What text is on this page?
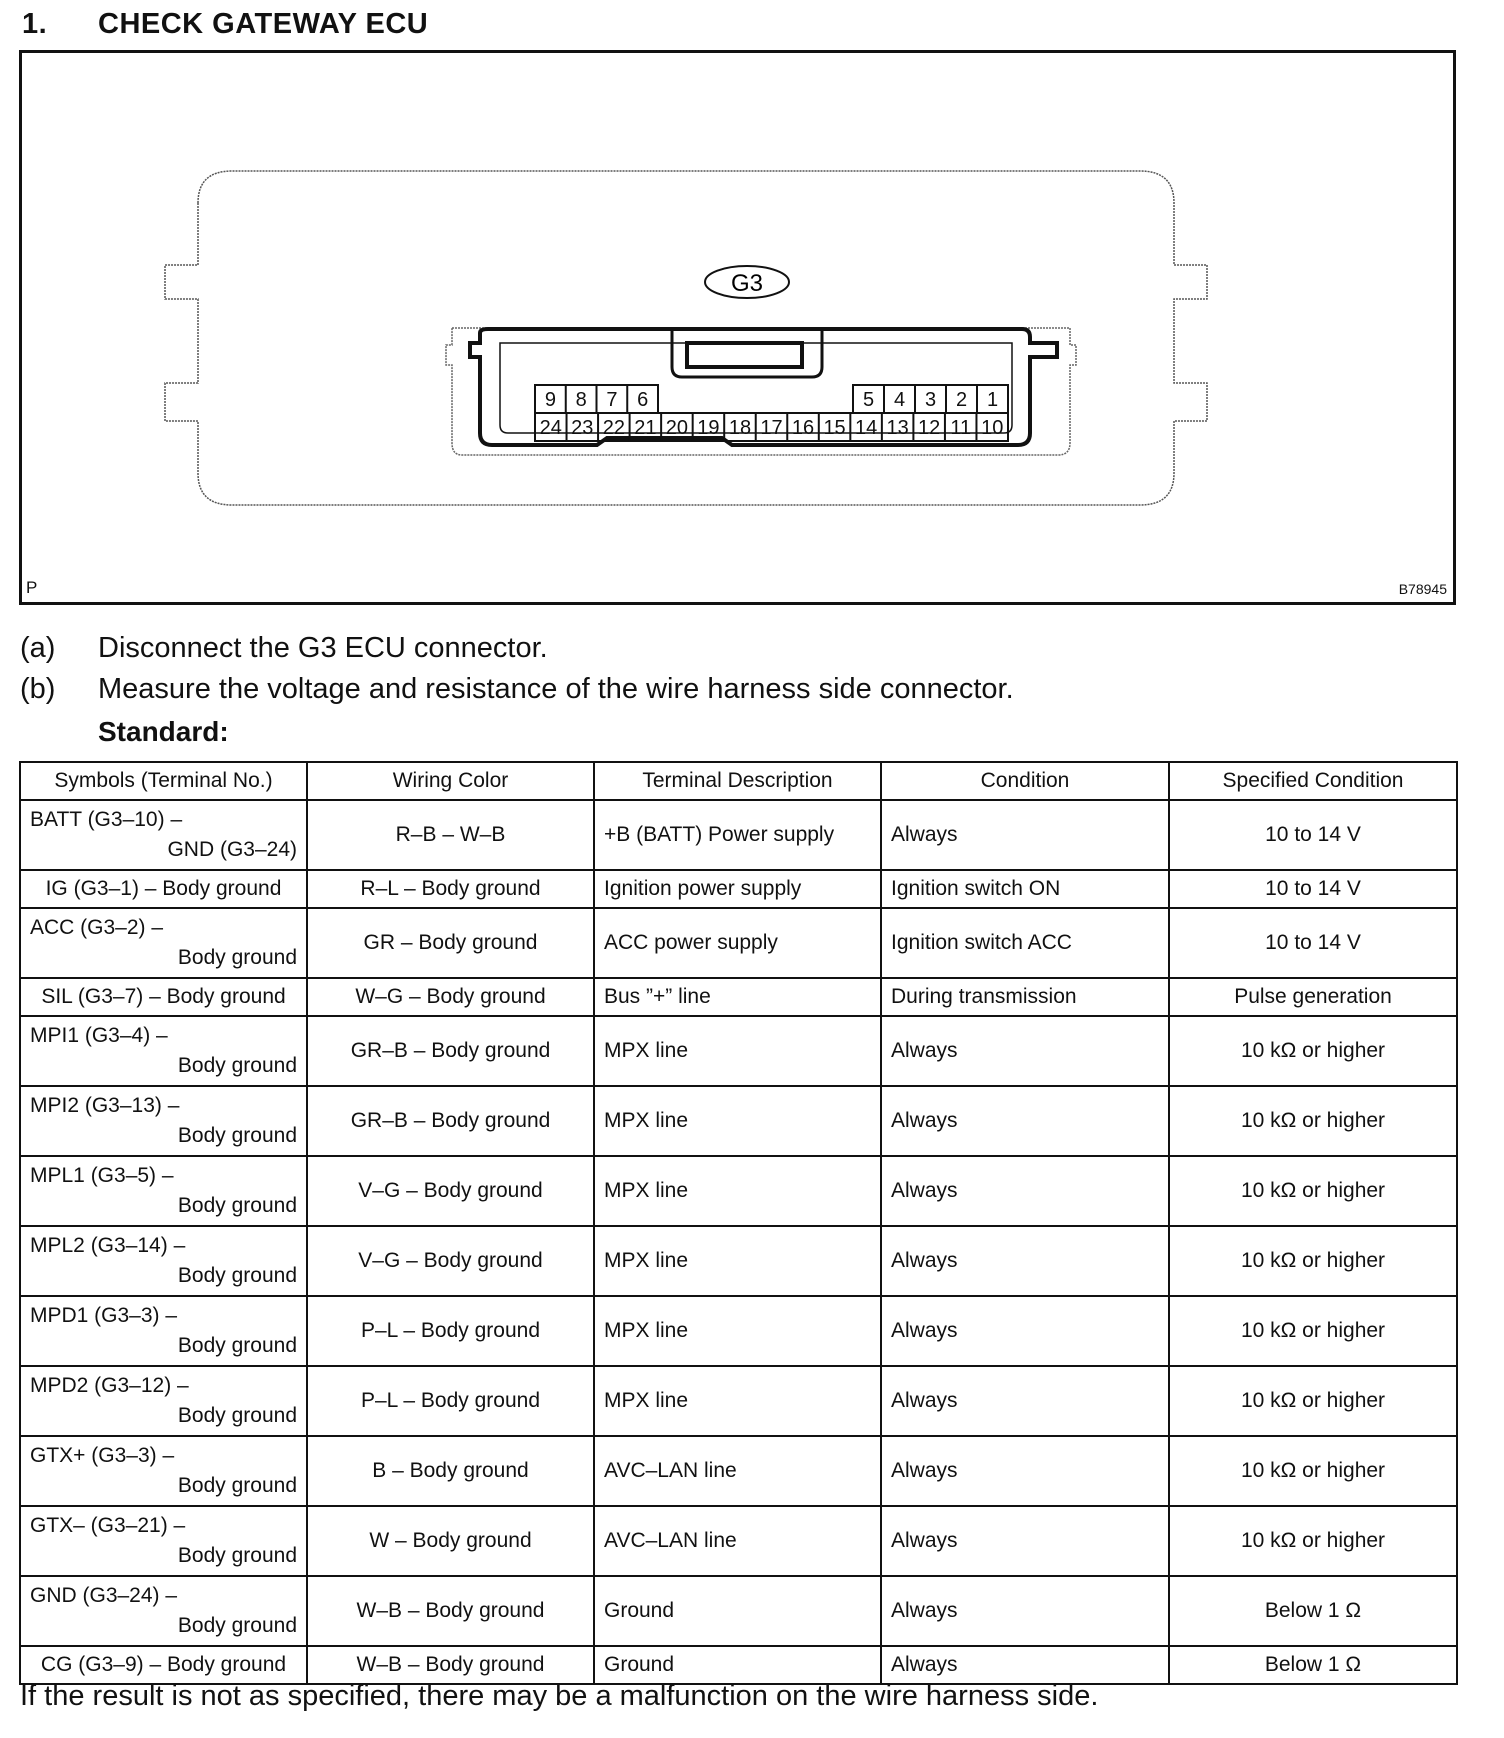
1. CHECK GATEWAY ECU
G3
9 8 7 6	5 4 3 2 1
24 23 22 21 20 19 18 17 16 15 14 13 12 11 10
P	B78945
(a) Disconnect the G3 ECU connector.
(b) Measure the voltage and resistance of the wire harness side connector.
Standard:
Symbols (Terminal No.)	Wiring Color	Terminal Description	Condition	Specified Condition
BATT (G3–10) –
GND (G3–24)	R–B – W–B	+B (BATT) Power supply	Always	10 to 14 V
IG (G3–1) – Body ground	R–L – Body ground	Ignition power supply	Ignition switch ON	10 to 14 V
ACC (G3–2) –
Body ground	GR – Body ground	ACC power supply	Ignition switch ACC	10 to 14 V
SIL (G3–7) – Body ground	W–G – Body ground	Bus ”+” line	During transmission	Pulse generation
MPI1 (G3–4) –
Body ground	GR–B – Body ground	MPX line	Always	10 kΩ or higher
MPI2 (G3–13) –
Body ground	GR–B – Body ground	MPX line	Always	10 kΩ or higher
MPL1 (G3–5) –
Body ground	V–G – Body ground	MPX line	Always	10 kΩ or higher
MPL2 (G3–14) –
Body ground	V–G – Body ground	MPX line	Always	10 kΩ or higher
MPD1 (G3–3) –
Body ground	P–L – Body ground	MPX line	Always	10 kΩ or higher
MPD2 (G3–12) –
Body ground	P–L – Body ground	MPX line	Always	10 kΩ or higher
GTX+ (G3–3) –
Body ground	B – Body ground	AVC–LAN line	Always	10 kΩ or higher
GTX– (G3–21) –
Body ground	W – Body ground	AVC–LAN line	Always	10 kΩ or higher
GND (G3–24) –
Body ground	W–B – Body ground	Ground	Always	Below 1 Ω
CG (G3–9) – Body ground	W–B – Body ground	Ground	Always	Below 1 Ω
If the result is not as specified, there may be a malfunction on the wire harness side.
